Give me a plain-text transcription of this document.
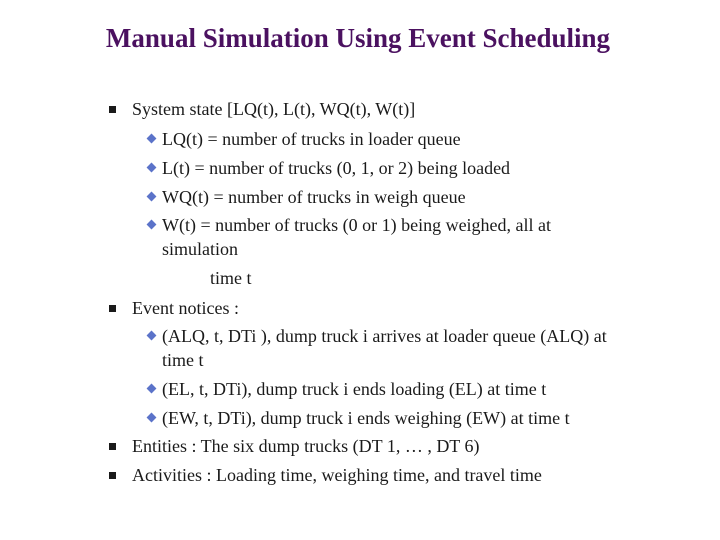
Manual Simulation Using Event Scheduling
System state [LQ(t), L(t), WQ(t), W(t)]
LQ(t) = number of trucks in loader queue
L(t) = number of trucks (0, 1, or 2) being loaded
WQ(t) = number of trucks in weigh queue
W(t) = number of trucks (0 or 1) being weighed, all at
simulation
time t
Event notices :
(ALQ, t, DTi ), dump truck i arrives at loader queue (ALQ) at
time t
(EL, t, DTi), dump truck i ends loading (EL) at time t
(EW, t, DTi), dump truck i ends weighing (EW) at time t
Entities : The six dump trucks (DT 1, … , DT 6)
Activities : Loading time, weighing time, and travel time
